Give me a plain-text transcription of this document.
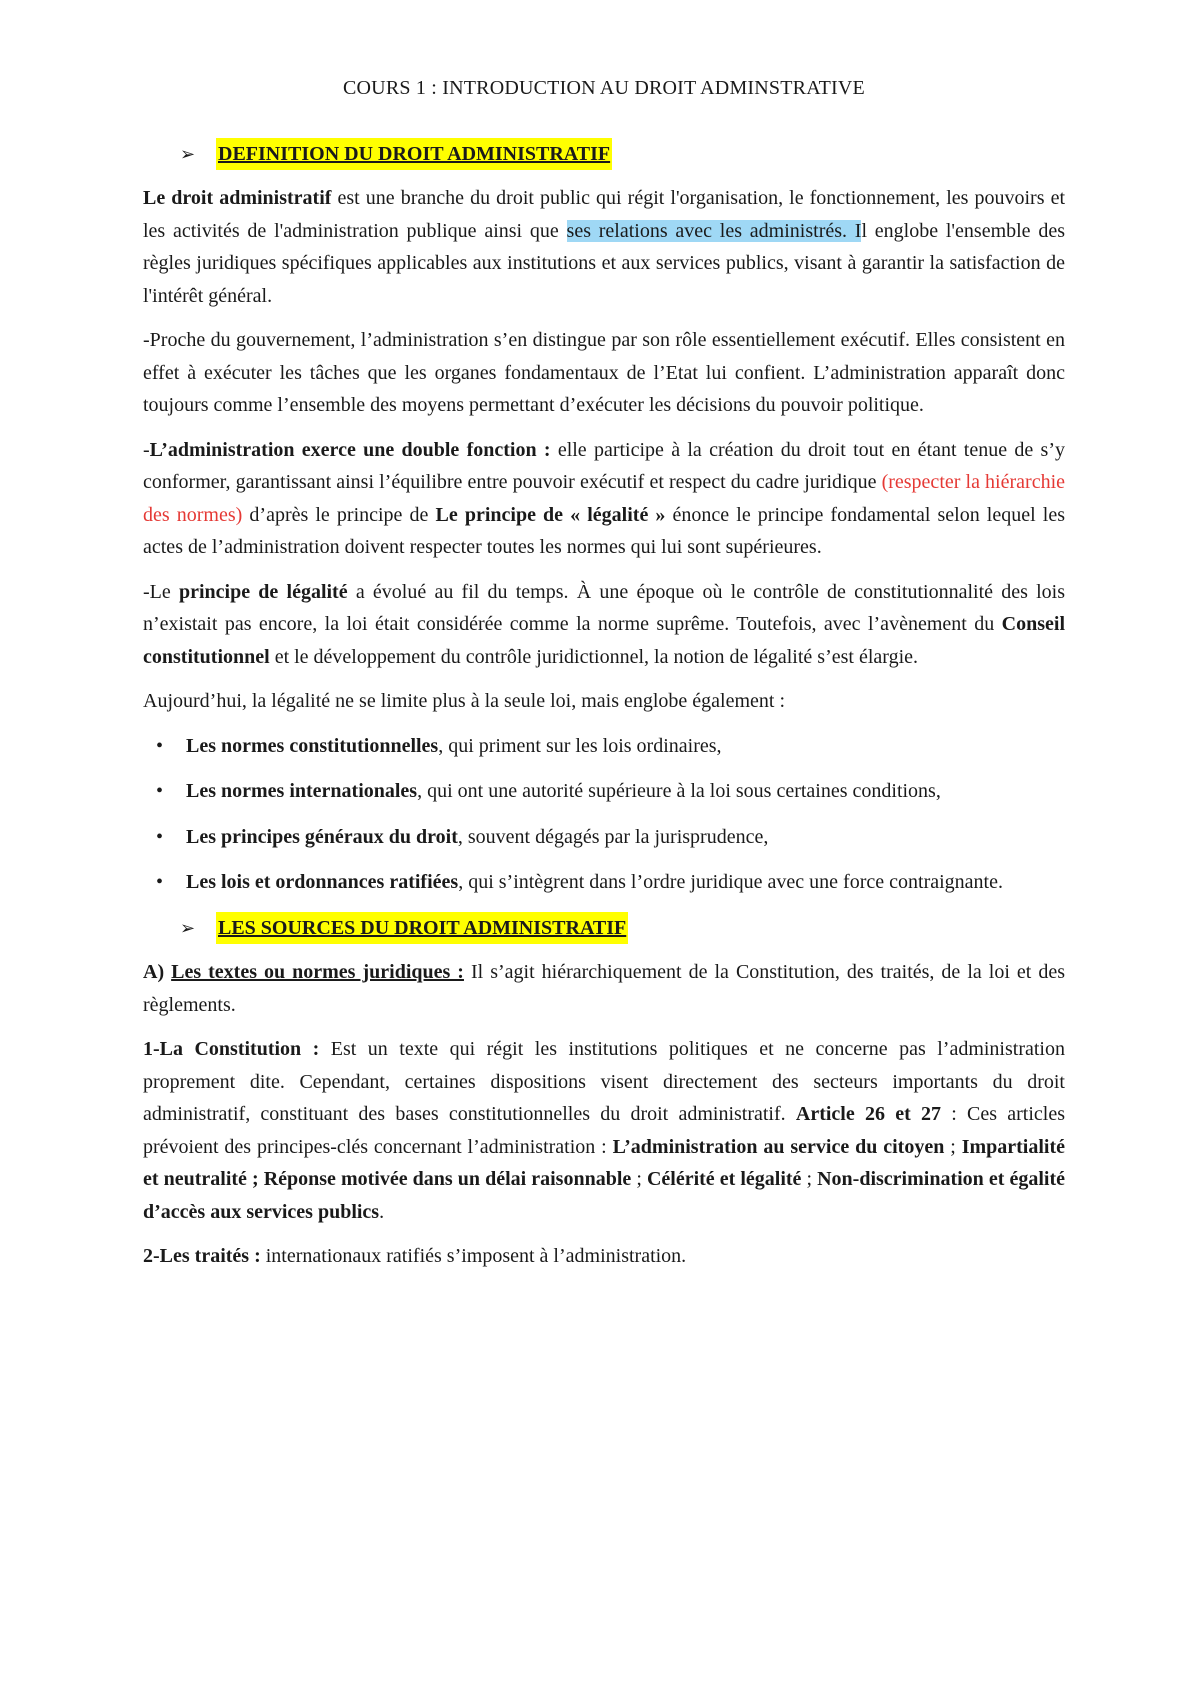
COURS 1 : INTRODUCTION AU DROIT ADMINSTRATIVE
➢	DEFINITION DU DROIT ADMINISTRATIF

Le droit administratif est une branche du droit public qui régit l'organisation, le fonctionnement, les pouvoirs et les activités de l'administration publique ainsi que ses relations avec les administrés. Il englobe l'ensemble des règles juridiques spécifiques applicables aux institutions et aux services publics, visant à garantir la satisfaction de l'intérêt général.

-Proche du gouvernement, l’administration s’en distingue par son rôle essentiellement exécutif. Elles consistent en effet à exécuter les tâches que les organes fondamentaux de l’Etat lui confient. L’administration apparaît donc toujours comme l’ensemble des moyens permettant d’exécuter les décisions du pouvoir politique.

-L’administration exerce une double fonction : elle participe à la création du droit tout en étant tenue de s’y conformer, garantissant ainsi l’équilibre entre pouvoir exécutif et respect du cadre juridique (respecter la hiérarchie des normes) d’après le principe de Le principe de « légalité » énonce le principe fondamental selon lequel les actes de l’administration doivent respecter toutes les normes qui lui sont supérieures.

-Le principe de légalité a évolué au fil du temps. À une époque où le contrôle de constitutionnalité des lois n’existait pas encore, la loi était considérée comme la norme suprême. Toutefois, avec l’avènement du Conseil constitutionnel et le développement du contrôle juridictionnel, la notion de légalité s’est élargie.

Aujourd’hui, la légalité ne se limite plus à la seule loi, mais englobe également :

• Les normes constitutionnelles, qui priment sur les lois ordinaires,
• Les normes internationales, qui ont une autorité supérieure à la loi sous certaines conditions,
• Les principes généraux du droit, souvent dégagés par la jurisprudence,
• Les lois et ordonnances ratifiées, qui s’intègrent dans l’ordre juridique avec une force contraignante.
➢	LES SOURCES DU DROIT ADMINISTRATIF

A) Les textes ou normes juridiques : Il s’agit hiérarchiquement de la Constitution, des traités, de la loi et des règlements.

1-La Constitution : Est un texte qui régit les institutions politiques et ne concerne pas l’administration proprement dite. Cependant, certaines dispositions visent directement des secteurs importants du droit administratif, constituant des bases constitutionnelles du droit administratif. Article 26 et 27 : Ces articles prévoient des principes-clés concernant l’administration : L’administration au service du citoyen ; Impartialité et neutralité ; Réponse motivée dans un délai raisonnable ; Célérité et légalité ; Non-discrimination et égalité d’accès aux services publics.

2-Les traités : internationaux ratifiés s’imposent à l’administration.
